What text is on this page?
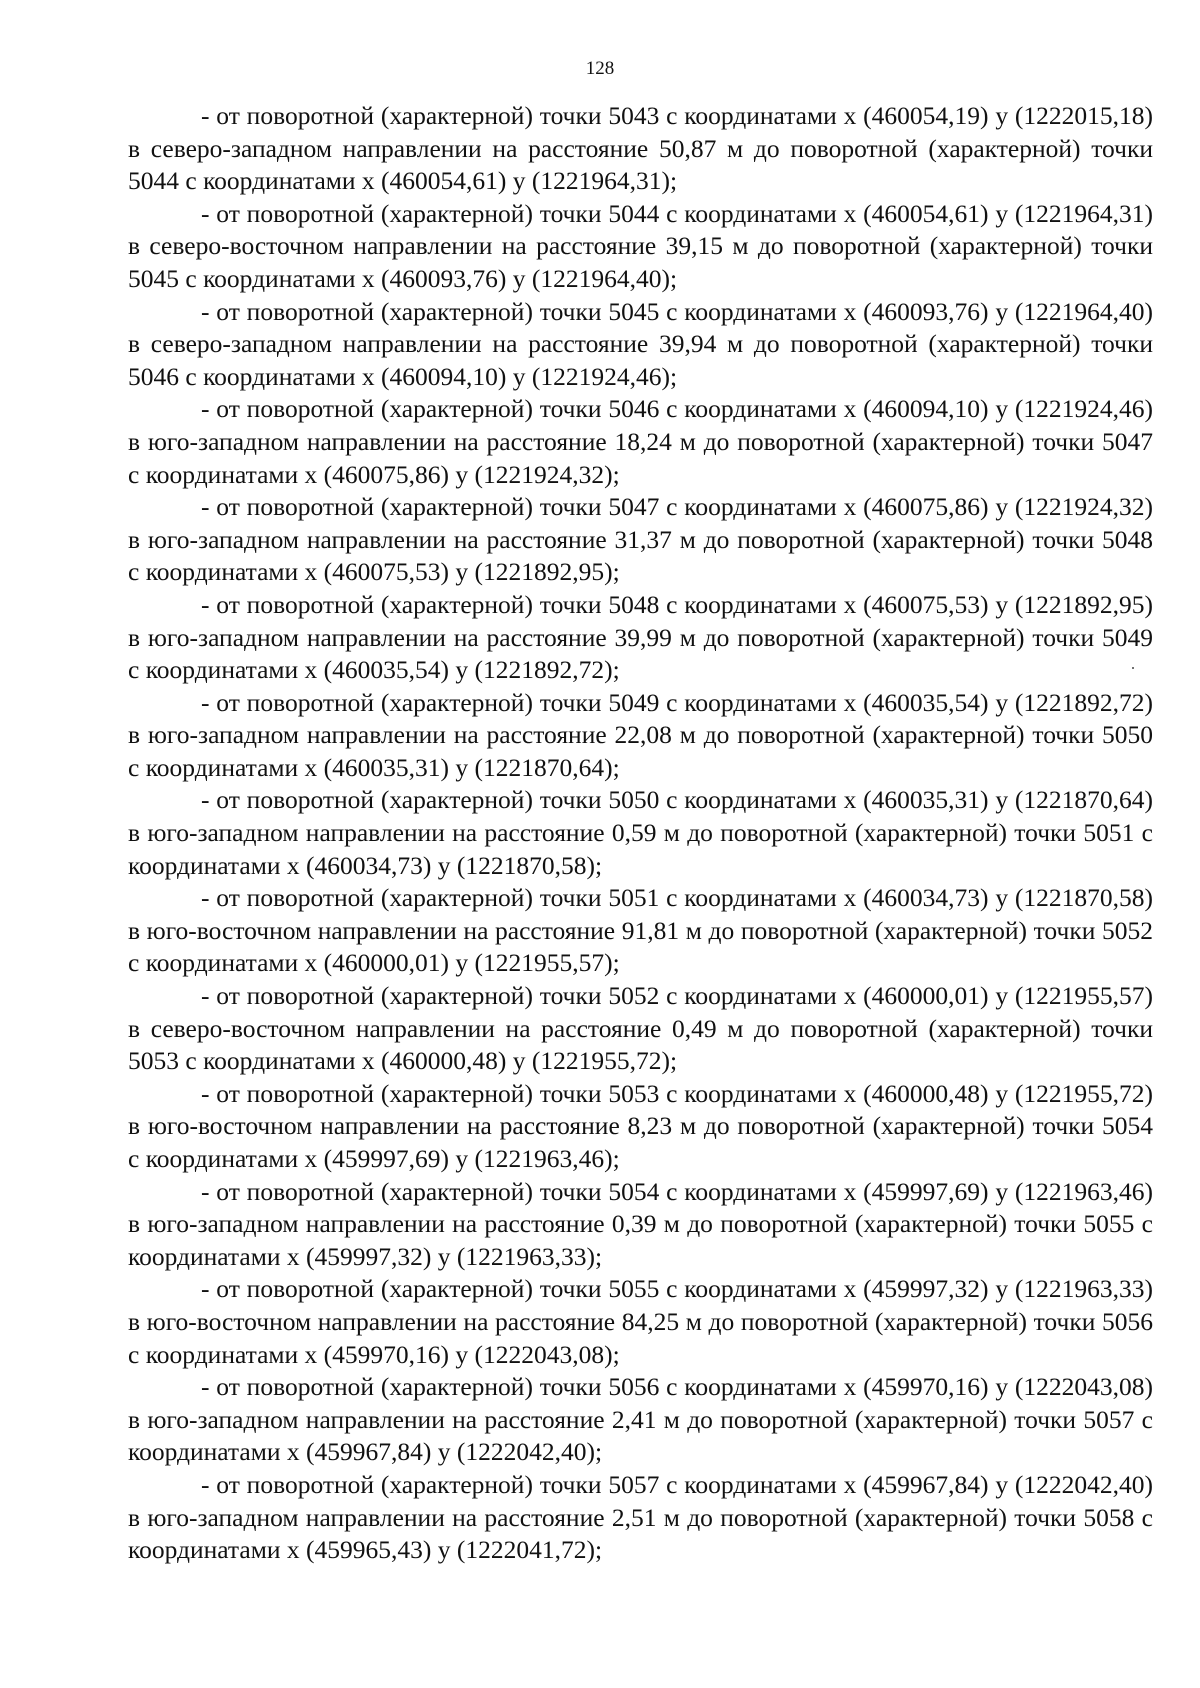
128

- от поворотной (характерной) точки 5043 с координатами х (460054,19) у (1222015,18) в северо-западном направлении на расстояние 50,87 м до поворотной (характерной) точки 5044 с координатами х (460054,61) у (1221964,31);

- от поворотной (характерной) точки 5044 с координатами х (460054,61) у (1221964,31) в северо-восточном направлении на расстояние 39,15 м до поворотной (характерной) точки 5045 с координатами х (460093,76) у (1221964,40);

- от поворотной (характерной) точки 5045 с координатами х (460093,76) у (1221964,40) в северо-западном направлении на расстояние 39,94 м до поворотной (характерной) точки 5046 с координатами х (460094,10) у (1221924,46);

- от поворотной (характерной) точки 5046 с координатами х (460094,10) у (1221924,46) в юго-западном направлении на расстояние 18,24 м до поворотной (характерной) точки 5047 с координатами х (460075,86) у (1221924,32);

- от поворотной (характерной) точки 5047 с координатами х (460075,86) у (1221924,32) в юго-западном направлении на расстояние 31,37 м до поворотной (характерной) точки 5048 с координатами х (460075,53) у (1221892,95);

- от поворотной (характерной) точки 5048 с координатами х (460075,53) у (1221892,95) в юго-западном направлении на расстояние 39,99 м до поворотной (характерной) точки 5049 с координатами х (460035,54) у (1221892,72);

- от поворотной (характерной) точки 5049 с координатами х (460035,54) у (1221892,72) в юго-западном направлении на расстояние 22,08 м до поворотной (характерной) точки 5050 с координатами х (460035,31) у (1221870,64);

- от поворотной (характерной) точки 5050 с координатами х (460035,31) у (1221870,64) в юго-западном направлении на расстояние 0,59 м до поворотной (характерной) точки 5051 с координатами х (460034,73) у (1221870,58);

- от поворотной (характерной) точки 5051 с координатами х (460034,73) у (1221870,58) в юго-восточном направлении на расстояние 91,81 м до поворотной (характерной) точки 5052 с координатами х (460000,01) у (1221955,57);

- от поворотной (характерной) точки 5052 с координатами х (460000,01) у (1221955,57) в северо-восточном направлении на расстояние 0,49 м до поворотной (характерной) точки 5053 с координатами х (460000,48) у (1221955,72);

- от поворотной (характерной) точки 5053 с координатами х (460000,48) у (1221955,72) в юго-восточном направлении на расстояние 8,23 м до поворотной (характерной) точки 5054 с координатами х (459997,69) у (1221963,46);

- от поворотной (характерной) точки 5054 с координатами х (459997,69) у (1221963,46) в юго-западном направлении на расстояние 0,39 м до поворотной (характерной) точки 5055 с координатами х (459997,32) у (1221963,33);

- от поворотной (характерной) точки 5055 с координатами х (459997,32) у (1221963,33) в юго-восточном направлении на расстояние 84,25 м до поворотной (характерной) точки 5056 с координатами х (459970,16) у (1222043,08);

- от поворотной (характерной) точки 5056 с координатами х (459970,16) у (1222043,08) в юго-западном направлении на расстояние 2,41 м до поворотной (характерной) точки 5057 с координатами х (459967,84) у (1222042,40);

- от поворотной (характерной) точки 5057 с координатами х (459967,84) у (1222042,40) в юго-западном направлении на расстояние 2,51 м до поворотной (характерной) точки 5058 с координатами х (459965,43) у (1222041,72);
